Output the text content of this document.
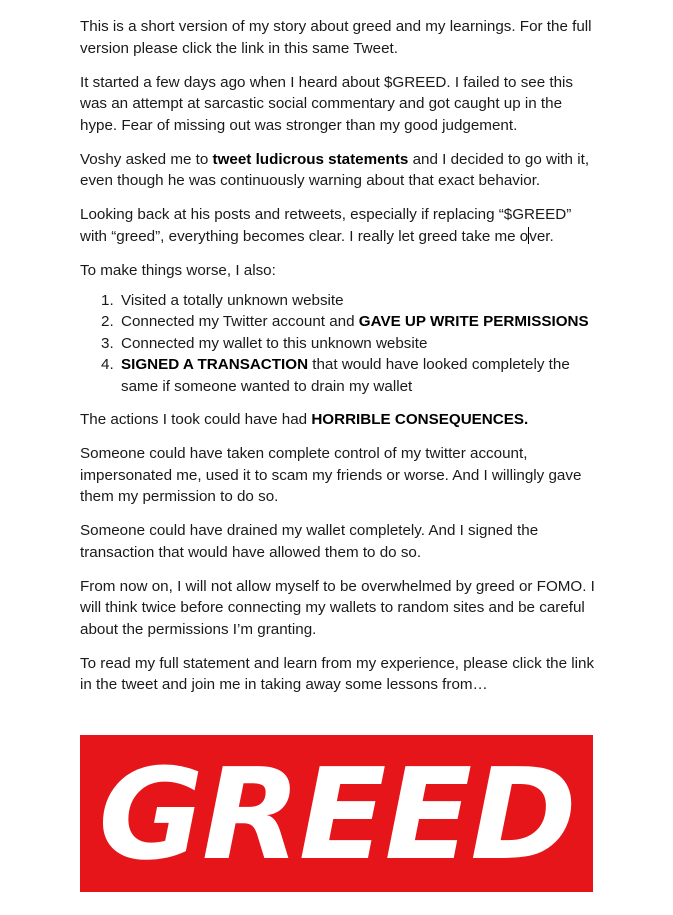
This is a short version of my story about greed and my learnings. For the full version please click the link in this same Tweet.

It started a few days ago when I heard about $GREED. I failed to see this was an attempt at sarcastic social commentary and got caught up in the hype. Fear of missing out was stronger than my good judgement.

Voshy asked me to tweet ludicrous statements and I decided to go with it, even though he was continuously warning about that exact behavior.

Looking back at his posts and retweets, especially if replacing “$GREED” with “greed”, everything becomes clear. I really let greed take me over.

To make things worse, I also:

1. Visited a totally unknown website
2. Connected my Twitter account and GAVE UP WRITE PERMISSIONS
3. Connected my wallet to this unknown website
4. SIGNED A TRANSACTION that would have looked completely the same if someone wanted to drain my wallet

The actions I took could have had HORRIBLE CONSEQUENCES.

Someone could have taken complete control of my twitter account, impersonated me, used it to scam my friends or worse. And I willingly gave them my permission to do so.

Someone could have drained my wallet completely. And I signed the transaction that would have allowed them to do so.

From now on, I will not allow myself to be overwhelmed by greed or FOMO. I will think twice before connecting my wallets to random sites and be careful about the permissions I’m granting.

To read my full statement and learn from my experience, please click the link in the tweet and join me in taking away some lessons from…

GREED
